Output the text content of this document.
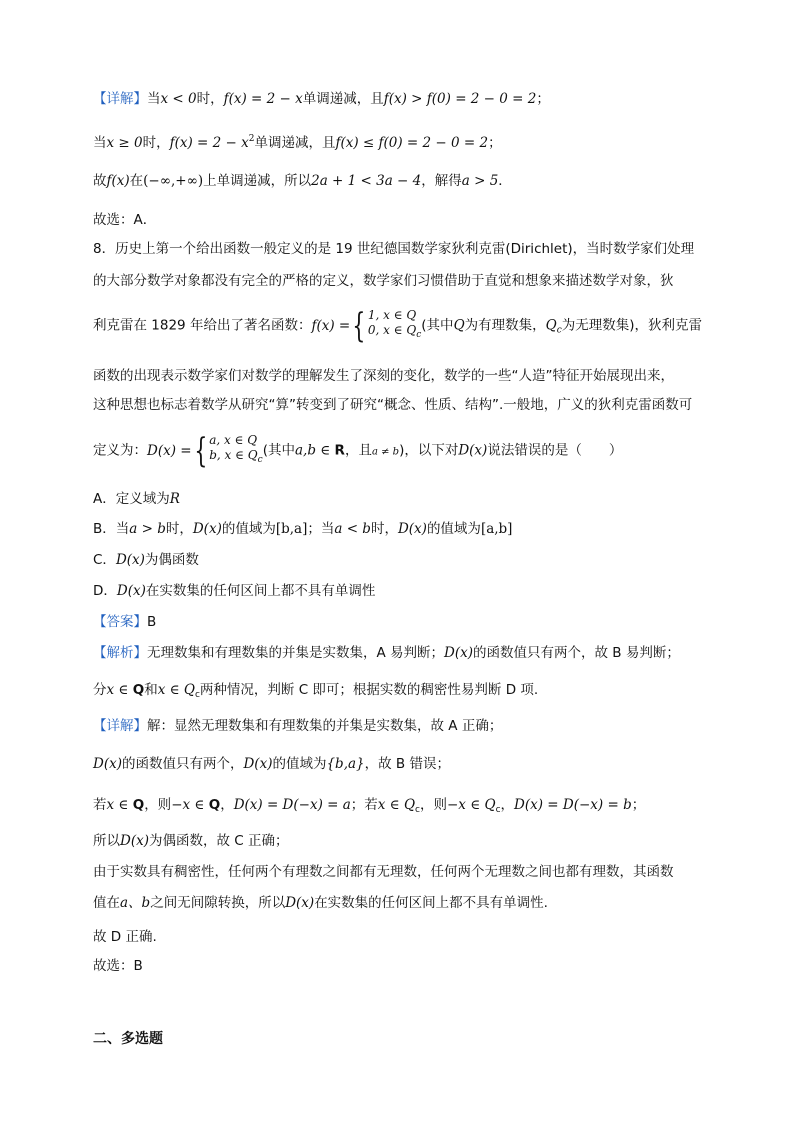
【详解】当x < 0时，f(x) = 2 − x单调递减，且f(x) > f(0) = 2 − 0 = 2；
当x ≥ 0时，$f(x) = 2 - x^2$单调递减，且f(x) ≤ f(0) = 2 − 0 = 2；
故f(x)在(−∞,+∞)上单调递减，所以2a + 1 < 3a − 4，解得a > 5．
故选：A．
8．历史上第一个给出函数一般定义的是 19 世纪德国数学家狄利克雷(Dirichlet)，当时数学家们处理
的大部分数学对象都没有完全的严格的定义，数学家们习惯借助于直觉和想象来描述数学对象，狄
利克雷在 1829 年给出了著名函数： f(x) = { 1, x ∈ Q
0, x ∈ $Q_c$
(其中Q为有理数集，$Q_c$为无理数集)，狄利克雷
函数的出现表示数学家们对数学的理解发生了深刻的变化，数学的一些“人造”特征开始展现出来，
这种思想也标志着数学从研究“算”转变到了研究“概念、性质、结构”.一般地，广义的狄利克雷函数可
定义为： D(x) = { a, x ∈ Q
b, x ∈ $Q_c$
(其中a,b ∈ R，且a ≠ b)，以下对D(x)说法错误的是（　　）
A．定义域为R
B．当a > b时，D(x)的值域为[b,a]；当a < b时，D(x)的值域为[a,b]
C．D(x)为偶函数
D．D(x)在实数集的任何区间上都不具有单调性
【答案】B
【解析】无理数集和有理数集的并集是实数集，A 易判断；D(x)的函数值只有两个，故 B 易判断；
分x ∈ Q和x ∈ $Q_c$两种情况，判断 C 即可；根据实数的稠密性易判断 D 项.
【详解】解：显然无理数集和有理数集的并集是实数集，故 A 正确；
D(x)的函数值只有两个，D(x)的值域为{b,a}，故 B 错误；
若x ∈ Q，则−x ∈ Q，D(x) = D(−x) = a；若x ∈ $Q_c$，则−x ∈ $Q_c$，D(x) = D(−x) = b；
所以D(x)为偶函数，故 C 正确；
由于实数具有稠密性，任何两个有理数之间都有无理数，任何两个无理数之间也都有理数，其函数
值在a、b之间无间隙转换，所以D(x)在实数集的任何区间上都不具有单调性.
故 D 正确.
故选：B
二、多选题
